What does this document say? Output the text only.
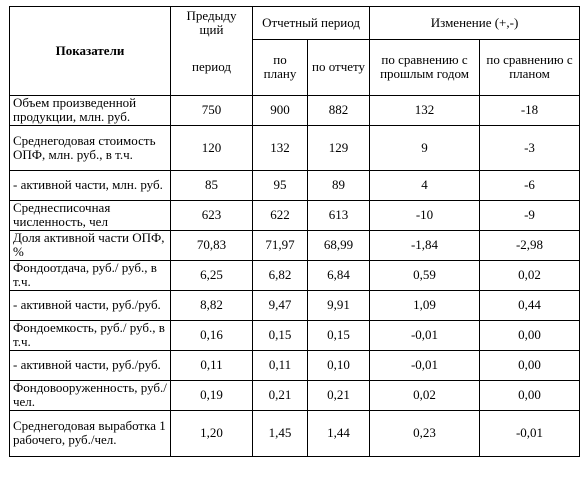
Показатели	Предыду щий	Отчетный период		Изменение (+,-)	
	период	по плану	по отчету	по сравнению с прошлым годом	по сравнению с планом
Объем произведенной продукции, млн. руб.	750	900	882	132	-18
Среднегодовая стоимость ОПФ, млн. руб., в т.ч.	120	132	129	9	-3
- активной части, млн. руб.	85	95	89	4	-6
Среднесписочная численность, чел	623	622	613	-10	-9
Доля активной части ОПФ, %	70,83	71,97	68,99	-1,84	-2,98
Фондоотдача, руб./ руб., в т.ч.	6,25	6,82	6,84	0,59	0,02
- активной части, руб./руб.	8,82	9,47	9,91	1,09	0,44
Фондоемкость, руб./ руб., в т.ч.	0,16	0,15	0,15	-0,01	0,00
- активной части, руб./руб.	0,11	0,11	0,10	-0,01	0,00
Фондовооруженность, руб./чел.	0,19	0,21	0,21	0,02	0,00
Среднегодовая выработка 1 рабочего, руб./чел.	1,20	1,45	1,44	0,23	-0,01
